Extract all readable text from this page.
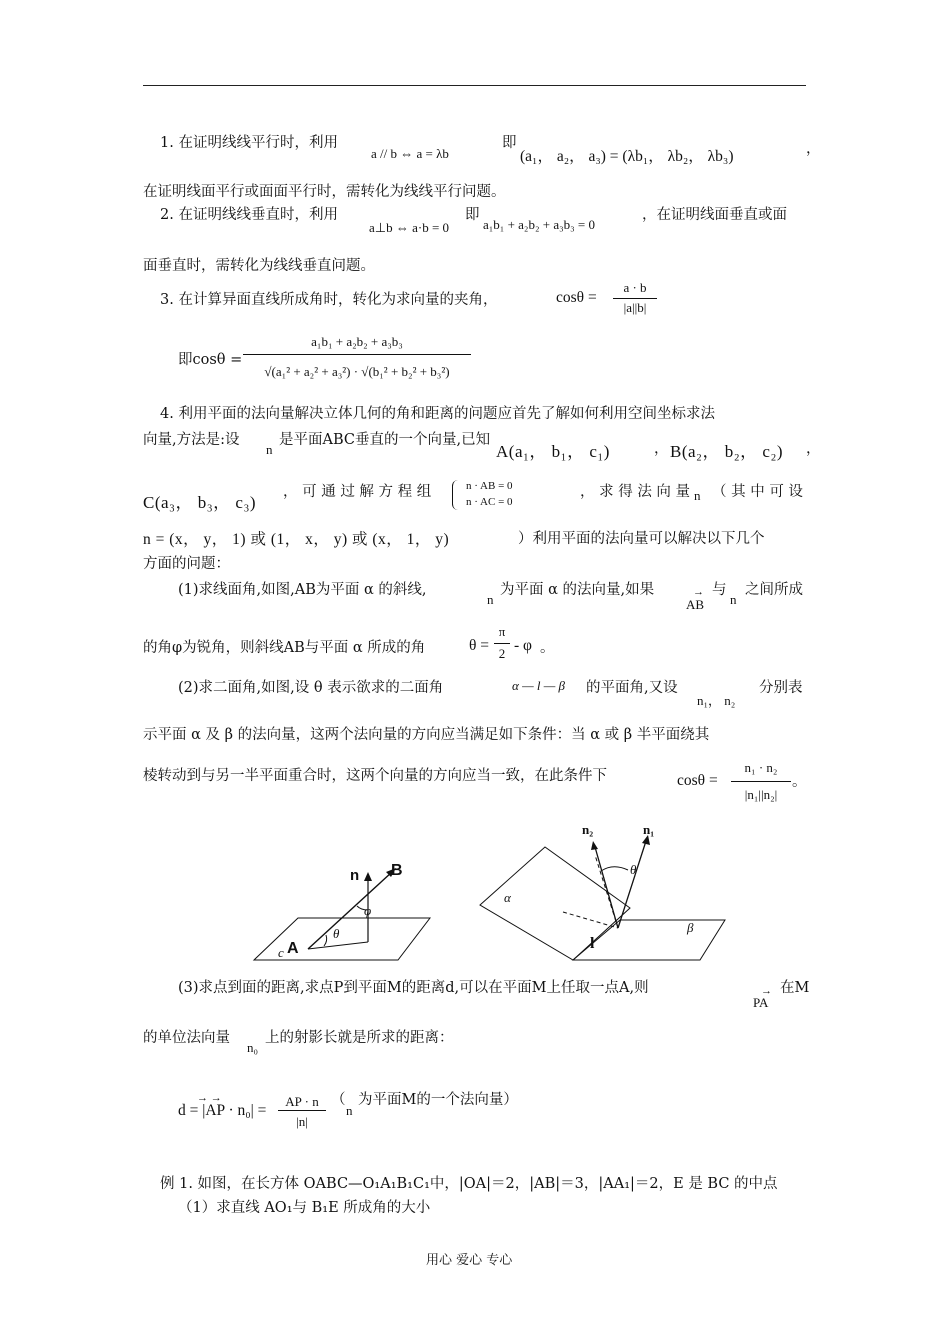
1. 在证明线线平行时，利用
a // b ⇔ a = λb
即
(a₁， a₂， a₃) = (λb₁， λb₂， λb₃)	，
在证明线面平行或面面平行时，需转化为线线平行问题。
2. 在证明线线垂直时，利用
a⊥b ⇔ a·b = 0
即
a₁b₁ + a₂b₂ + a₃b₃ = 0
，在证明线面垂直或面
面垂直时，需转化为线线垂直问题。
3. 在计算异面直线所成角时，转化为求向量的夹角，	cosθ =
a · b
|a||b|
即cosθ =
a₁b₁ + a₂b₂ + a₃b₃
√(a₁² + a₂² + a₃²) · √(b₁² + b₂² + b₃²)
4. 利用平面的法向量解决立体几何的角和距离的问题应首先了解如何利用空间坐标求法
向量,方法是:设
n
是平面ABC垂直的一个向量,已知
A(a₁， b₁， c₁)	， B(a₂， b₂， c₂) ，
C(a₃， b₃， c₃)
， 可 通 过 解 方 程 组	n · AB = 0
n · AC = 0
， 求 得 法 向 量 n （ 其 中 可 设
n = (x， y， 1) 或 (1， x， y) 或 (x， 1， y)	）利用平面的法向量可以解决以下几个
方面的问题：
(1)求线面角,如图,AB为平面 α 的斜线,
n
为平面 α 的法向量,如果	→
AB
与
n
之间所成
的角φ为锐角，则斜线AB与平面 α 所成的角	θ =
π
2 - φ 。
(2)求二面角,如图,设 θ 表示欲求的二面角	α — l — β 的平面角,又设
n₁， n₂
分别表
示平面 α 及 β 的法向量，这两个法向量的方向应当满足如下条件：当 α 或 β 半平面绕其
棱转动到与另一半平面重合时，这两个向量的方向应当一致，在此条件下	cosθ =
n₁ · n₂
|n₁||n₂|
。
n B
A
c
φ
θ
n₂	n₁
α
θ
l
β
(3)求点到面的距离,求点P到平面M的距离d,可以在平面M上任取一点A,则	→
PA
在M
的单位法向量
n₀
上的射影长就是所求的距离：
→ →
d = |AP · n₀| =
AP · n
|n|
（
n
为平面M的一个法向量）
例 1. 如图，在长方体 OABC—O₁A₁B₁C₁中，|OA|＝2，|AB|＝3，|AA₁|＝2，E 是 BC 的中点
（1）求直线 AO₁与 B₁E 所成角的大小
用心 爱心 专心
